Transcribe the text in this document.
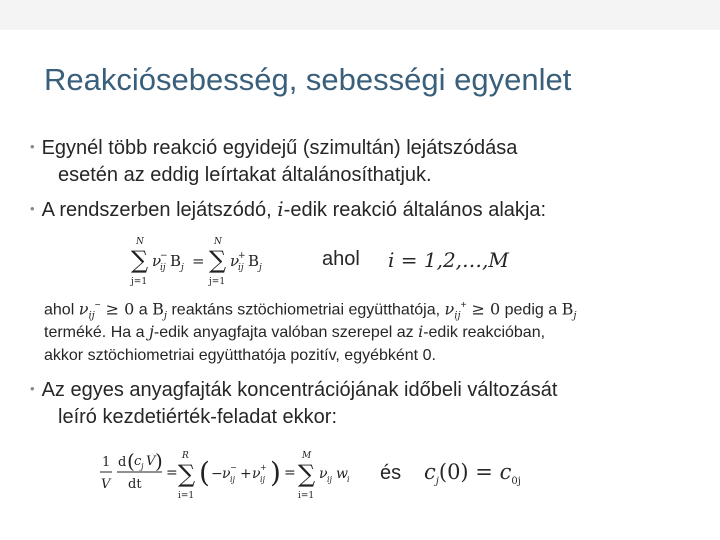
Reakciósebesség, sebességi egyenlet
• Egynél több reakció egyidejű (szimultán) lejátszódása
esetén az eddig leírtakat általánosíthatjuk.
• A rendszerben lejátszódó, i-edik reakció általános alakja:
N
∑
j=1
ν
−
ij B j =
N
∑
j=1
ν
+
ij B j	ahol i = 1,2,…,M
ahol $\nu_{ij}^- \ge 0$ a $B_j$ reaktáns sztöchiometriai együtthatója, $\nu_{ij}^+ \ge 0$ pedig a $B_j$
terméké. Ha a j-edik anyagfajta valóban szerepel az i-edik reakcióban,
akkor sztöchiometriai együtthatója pozitív, egyébként 0.
• Az egyes anyagfajták koncentrációjának időbeli változását
leíró kezdetiérték-feladat ekkor:
1
V
d ( c j V )
dt
=
R
∑
i=1
( − ν −
ij + ν +
ij ) =
M
∑
i=1
ν ij w i és $c_j(0) = c_{0j}$
